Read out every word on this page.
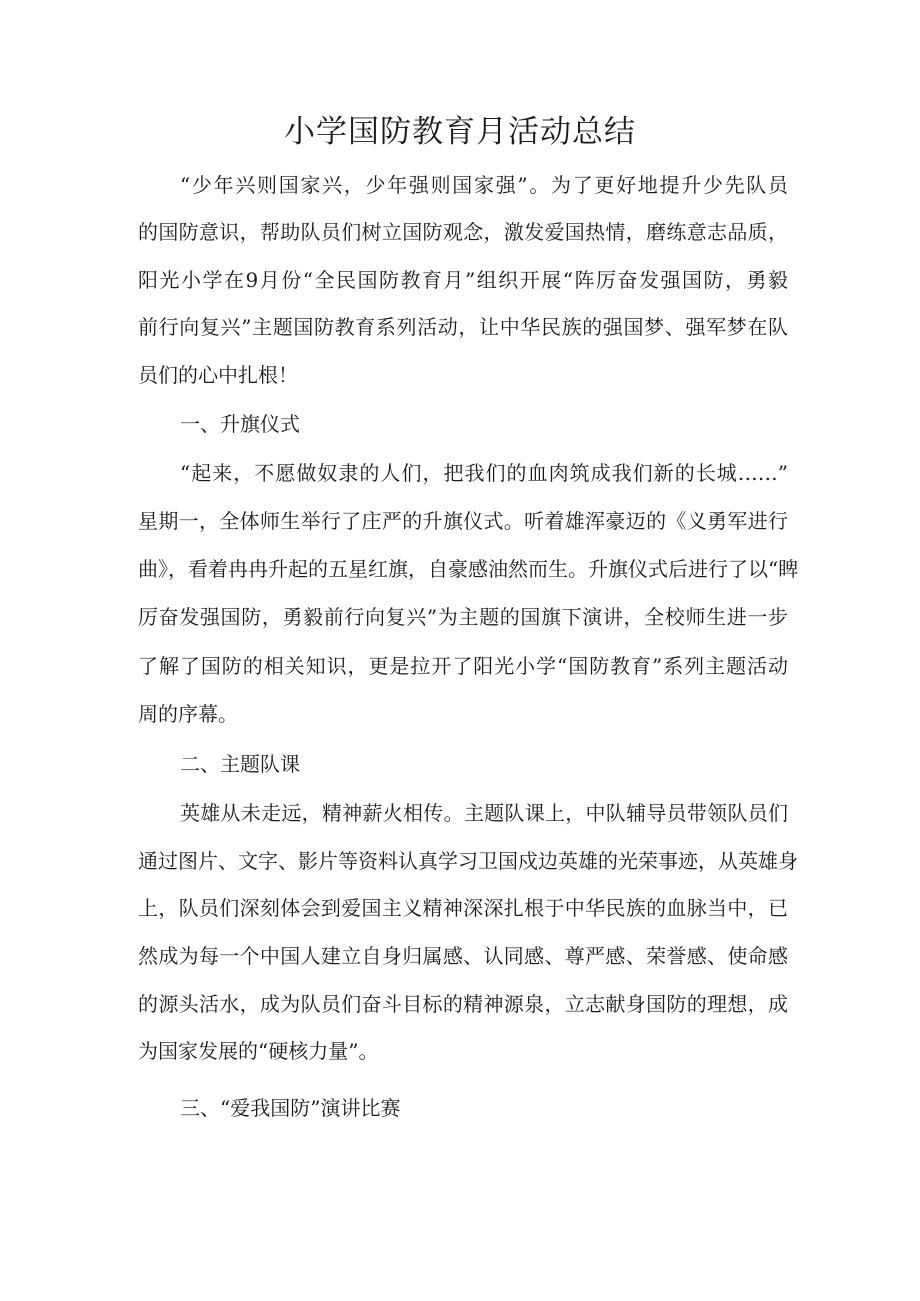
小学国防教育月活动总结

“少年兴则国家兴，少年强则国家强”。为了更好地提升少先队员

的国防意识，帮助队员们树立国防观念，激发爱国热情，磨练意志品质，

阳光小学在9月份“全民国防教育月”组织开展“阵厉奋发强国防，勇毅

前行向复兴”主题国防教育系列活动，让中华民族的强国梦、强军梦在队

员们的心中扎根！

一、升旗仪式

“起来，不愿做奴隶的人们，把我们的血肉筑成我们新的长城……”

星期一，全体师生举行了庄严的升旗仪式。听着雄浑豪迈的《义勇军进行

曲》，看着冉冉升起的五星红旗，自豪感油然而生。升旗仪式后进行了以“睥

厉奋发强国防，勇毅前行向复兴”为主题的国旗下演讲，全校师生进一步

了解了国防的相关知识，更是拉开了阳光小学“国防教育”系列主题活动

周的序幕。

二、主题队课

英雄从未走远，精神薪火相传。主题队课上，中队辅导员带领队员们

通过图片、文字、影片等资料认真学习卫国戍边英雄的光荣事迹，从英雄身

上，队员们深刻体会到爱国主义精神深深扎根于中华民族的血脉当中，已

然成为每一个中国人建立自身归属感、认同感、尊严感、荣誉感、使命感

的源头活水，成为队员们奋斗目标的精神源泉，立志献身国防的理想，成

为国家发展的“硬核力量”。

三、“爱我国防”演讲比赛
